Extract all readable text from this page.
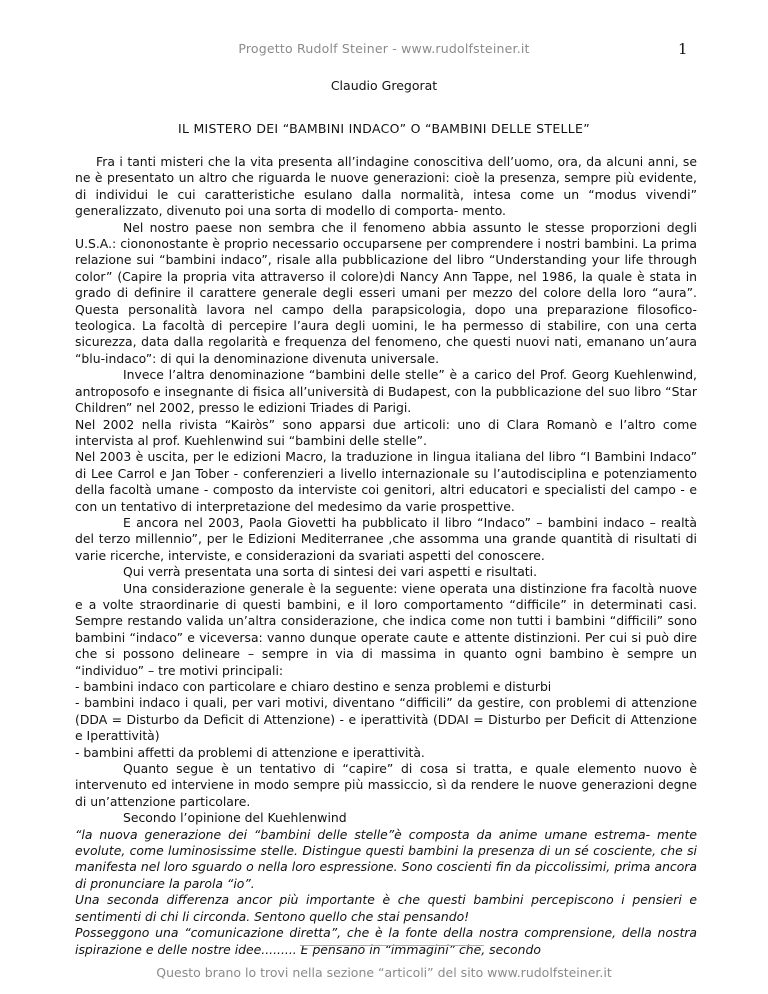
Progetto Rudolf Steiner - www.rudolfsteiner.it	1
Claudio Gregorat
IL MISTERO DEI “BAMBINI INDACO” O “BAMBINI DELLE STELLE”

Fra i tanti misteri che la vita presenta all’indagine conoscitiva dell’uomo, ora, da alcuni anni, se ne è presentato un altro che riguarda le nuove generazioni: cioè la presenza, sempre più evidente, di individui le cui caratteristiche esulano dalla normalità, intesa come un “modus vivendi” generalizzato, divenuto poi una sorta di modello di comporta- mento.

Nel nostro paese non sembra che il fenomeno abbia assunto le stesse proporzioni degli U.S.A.: ciononostante è proprio necessario occuparsene per comprendere i nostri bambini. La prima relazione sui “bambini indaco”, risale alla pubblicazione del libro “Understanding your life through color” (Capire la propria vita attraverso il colore)di Nancy Ann Tappe, nel 1986, la quale è stata in grado di definire il carattere generale degli esseri umani per mezzo del colore della loro “aura”. Questa personalità lavora nel campo della parapsicologia, dopo una preparazione filosofico-teologica. La facoltà di percepire l’aura degli uomini, le ha permesso di stabilire, con una certa sicurezza, data dalla regolarità e frequenza del fenomeno, che questi nuovi nati, emanano un’aura “blu-indaco”: di qui la denominazione divenuta universale.

Invece l’altra denominazione “bambini delle stelle” è a carico del Prof. Georg Kuehlenwind, antroposofo e insegnante di fisica all’università di Budapest, con la pubblicazione del suo libro “Star Children” nel 2002, presso le edizioni Triades di Parigi.

Nel 2002 nella rivista “Kairòs” sono apparsi due articoli: uno di Clara Romanò e l’altro come intervista al prof. Kuehlenwind sui “bambini delle stelle”.

Nel 2003 è uscita, per le edizioni Macro, la traduzione in lingua italiana del libro “I Bambini Indaco” di Lee Carrol e Jan Tober - conferenzieri a livello internazionale su l’autodisciplina e potenziamento della facoltà umane - composto da interviste coi genitori, altri educatori e specialisti del campo - e con un tentativo di interpretazione del medesimo da varie prospettive.

E ancora nel 2003, Paola Giovetti ha pubblicato il libro “Indaco” – bambini indaco – realtà del terzo millennio”, per le Edizioni Mediterranee ,che assomma una grande quantità di risultati di varie ricerche, interviste, e considerazioni da svariati aspetti del conoscere.

Qui verrà presentata una sorta di sintesi dei vari aspetti e risultati.

Una considerazione generale è la seguente: viene operata una distinzione fra facoltà nuove e a volte straordinarie di questi bambini, e il loro comportamento “difficile” in determinati casi. Sempre restando valida un’altra considerazione, che indica come non tutti i bambini “difficili” sono bambini “indaco” e viceversa: vanno dunque operate caute e attente distinzioni. Per cui si può dire che si possono delineare – sempre in via di massima in quanto ogni bambino è sempre un “individuo” – tre motivi principali:

- bambini indaco con particolare e chiaro destino e senza problemi e disturbi

- bambini indaco i quali, per vari motivi, diventano “difficili” da gestire, con problemi di attenzione (DDA = Disturbo da Deficit di Attenzione) - e iperattività (DDAI = Disturbo per Deficit di Attenzione e Iperattività)

- bambini affetti da problemi di attenzione e iperattività.

Quanto segue è un tentativo di “capire” di cosa si tratta, e quale elemento nuovo è intervenuto ed interviene in modo sempre più massiccio, sì da rendere le nuove generazioni degne di un’attenzione particolare.

Secondo l’opinione del Kuehlenwind

“la nuova generazione dei “bambini delle stelle”è composta da anime umane estrema- mente evolute, come luminosissime stelle. Distingue questi bambini la presenza di un sé cosciente, che si manifesta nel loro sguardo o nella loro espressione. Sono coscienti fin da piccolissimi, prima ancora di pronunciare la parola “io”.

Una seconda differenza ancor più importante è che questi bambini percepiscono i pensieri e sentimenti di chi li circonda. Sentono quello che stai pensando!

Posseggono una “comunicazione diretta”, che è la fonte della nostra comprensione, della nostra ispirazione e delle nostre idee......... E pensano in “immagini” che, secondo

Questo brano lo trovi nella sezione “articoli” del sito www.rudolfsteiner.it
